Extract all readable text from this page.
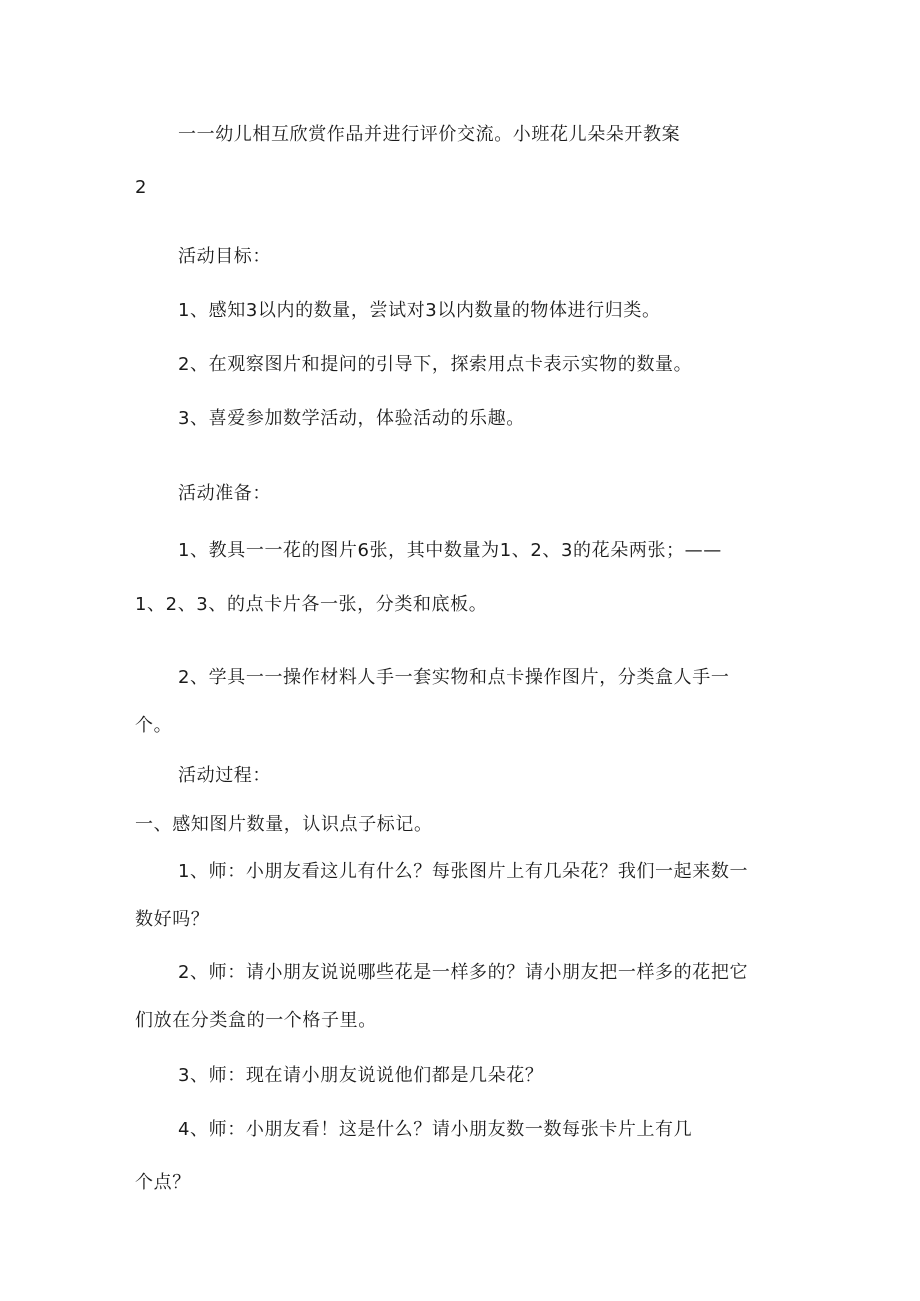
一一幼儿相互欣赏作品并进行评价交流。小班花儿朵朵开教案
2
活动目标：
1、感知3以内的数量，尝试对3以内数量的物体进行归类。
2、在观察图片和提问的引导下，探索用点卡表示实物的数量。
3、喜爱参加数学活动，体验活动的乐趣。
活动准备：
1、教具一一花的图片6张，其中数量为1、2、3的花朵两张；——
1、2、3、的点卡片各一张，分类和底板。
2、学具一一操作材料人手一套实物和点卡操作图片，分类盒人手一
个。
活动过程：
一、感知图片数量，认识点子标记。
1、师：小朋友看这儿有什么？每张图片上有几朵花？我们一起来数一
数好吗？
2、师：请小朋友说说哪些花是一样多的？请小朋友把一样多的花把它
们放在分类盒的一个格子里。
3、师：现在请小朋友说说他们都是几朵花？
4、师：小朋友看！这是什么？请小朋友数一数每张卡片上有几
个点？
